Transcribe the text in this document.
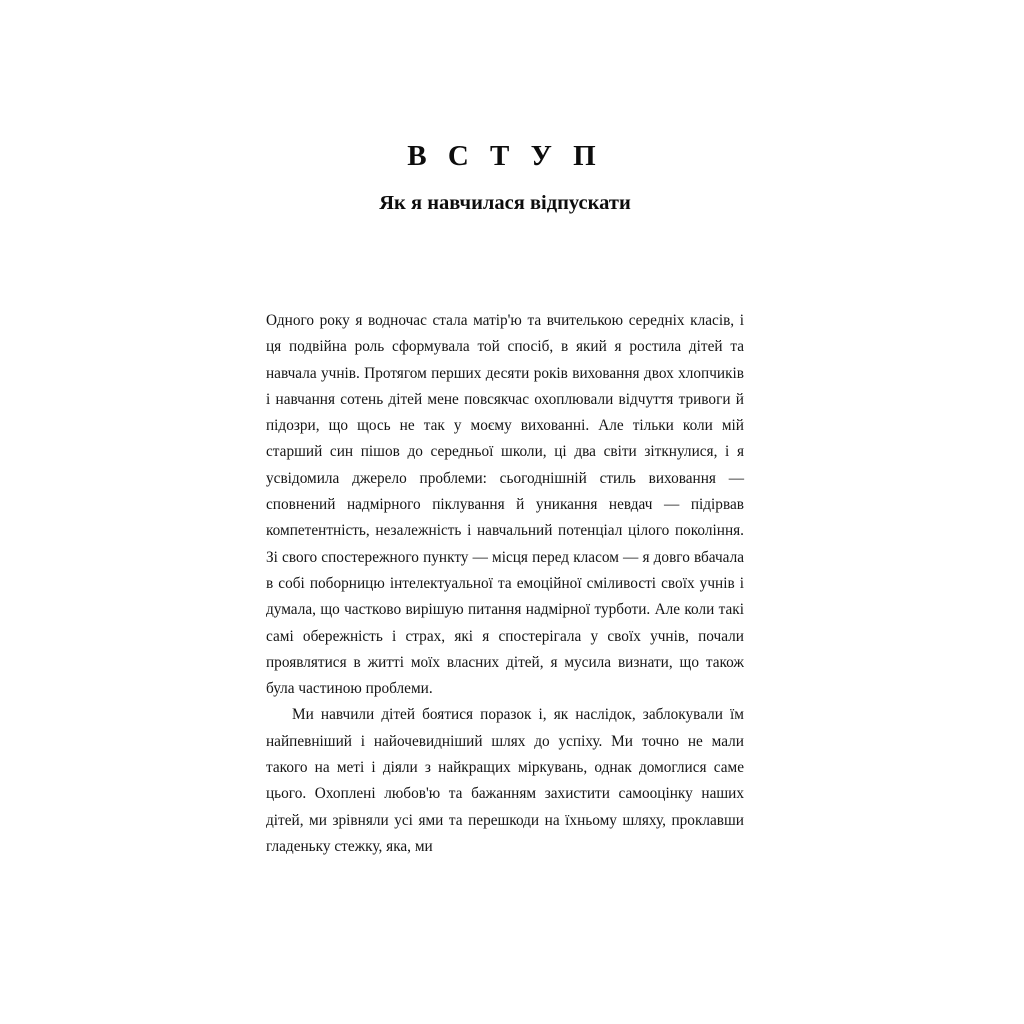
В С Т У П
Як я навчилася відпускати

Одного року я водночас стала матір'ю та вчителькою середніх класів, і ця подвійна роль сформувала той спосіб, в який я ростила дітей та навчала учнів. Протягом перших десяти років виховання двох хлопчиків і навчання сотень дітей мене повсякчас охоплювали відчуття тривоги й підозри, що щось не так у моєму вихованні. Але тільки коли мій старший син пішов до середньої школи, ці два світи зіткнулися, і я усвідомила джерело проблеми: сьогоднішній стиль виховання — сповнений надмірного піклування й уникання невдач — підірвав компетентність, незалежність і навчальний потенціал цілого покоління. Зі свого спостережного пункту — місця перед класом — я довго вбачала в собі поборницю інтелектуальної та емоційної сміливості своїх учнів і думала, що частково вирішую питання надмірної турботи. Але коли такі самі обережність і страх, які я спостерігала у своїх учнів, почали проявлятися в житті моїх власних дітей, я мусила визнати, що також була частиною проблеми.

Ми навчили дітей боятися поразок і, як наслідок, заблокували їм найпевніший і найочевидніший шлях до успіху. Ми точно не мали такого на меті і діяли з найкращих міркувань, однак домоглися саме цього. Охоплені любов'ю та бажанням захистити самооцінку наших дітей, ми зрівняли усі ями та перешкоди на їхньому шляху, проклавши гладеньку стежку, яка, ми
